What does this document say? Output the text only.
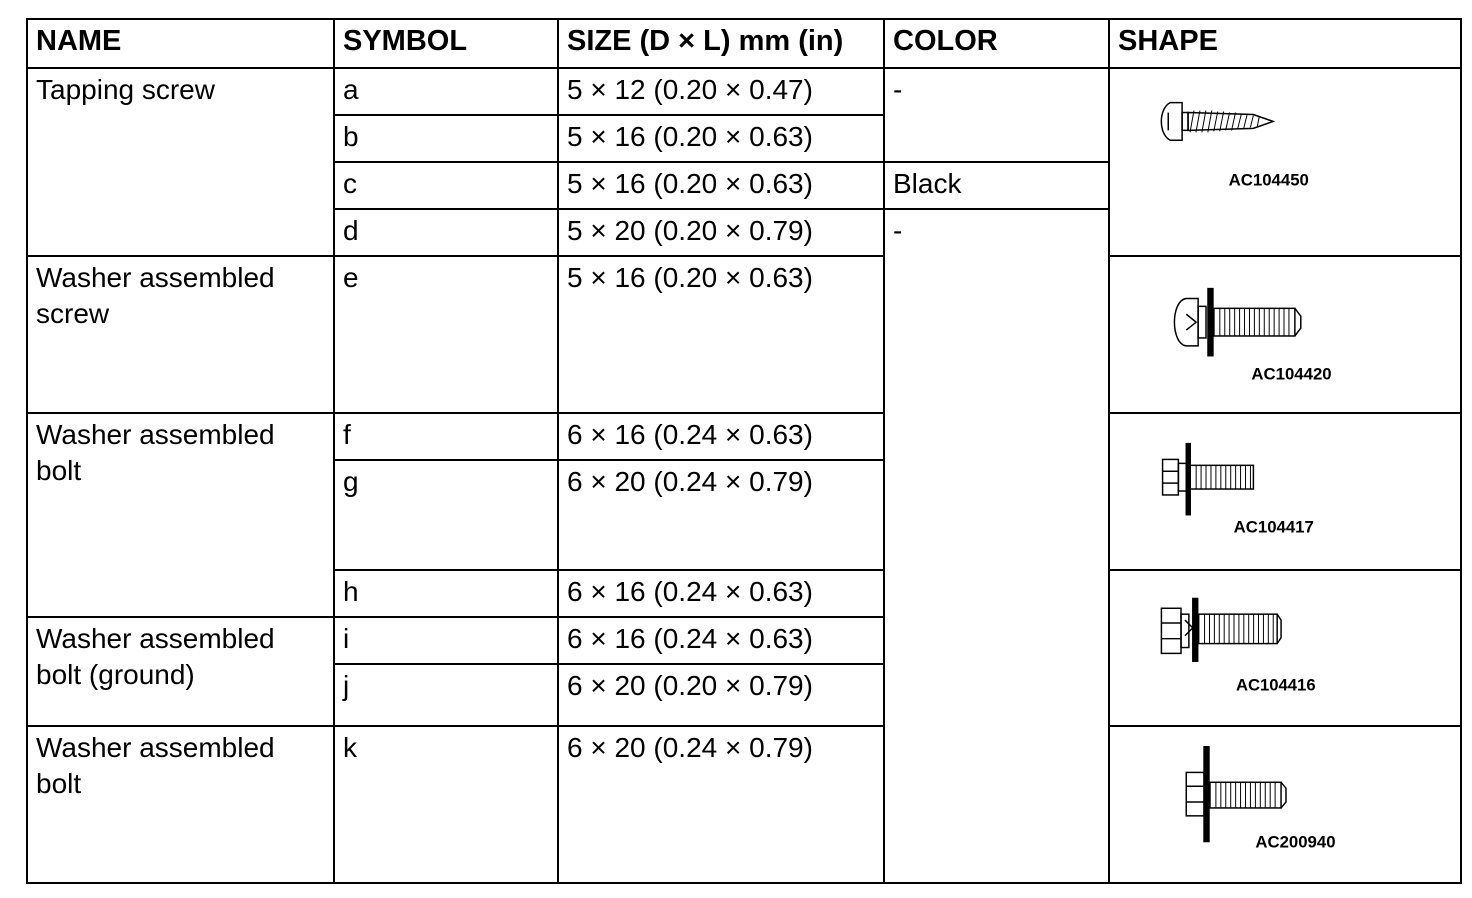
NAME	SYMBOL	SIZE (D × L) mm (in)	COLOR	SHAPE
Tapping screw	a	5 × 12 (0.20 × 0.47)	-	AC104450

	b	5 × 16 (0.20 × 0.63)		
	c	5 × 16 (0.20 × 0.63)	Black	
	d	5 × 20 (0.20 × 0.79)	-	
Washer assembled screw	e	5 × 16 (0.20 × 0.63)		AC104420

Washer assembled bolt	f	6 × 16 (0.24 × 0.63)		AC104417

	g	6 × 20 (0.24 × 0.79)		
	h	6 × 16 (0.24 × 0.63)		AC104416

Washer assembled bolt (ground)	i	6 × 16 (0.24 × 0.63)		
	j	6 × 20 (0.20 × 0.79)		
Washer assembled bolt	k	6 × 20 (0.24 × 0.79)		AC200940
